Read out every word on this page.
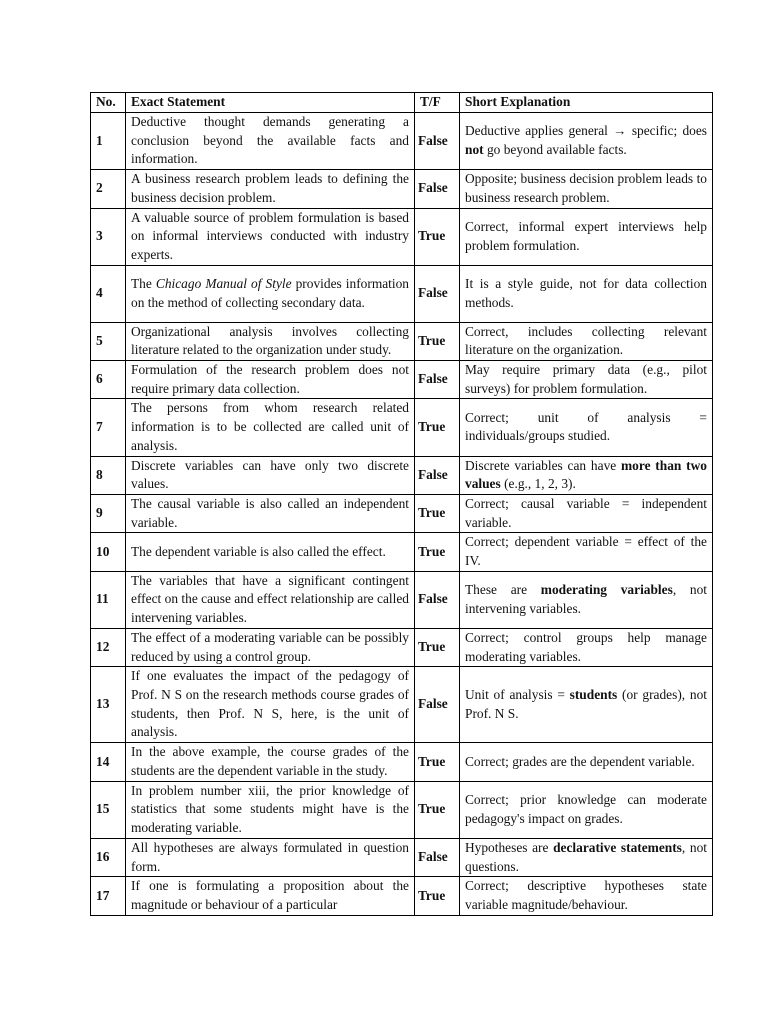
No.	Exact Statement	T/F	Short Explanation
1	Deductive thought demands generating a conclusion beyond the available facts and information.	False	Deductive applies general → specific; does not go beyond available facts.
2	A business research problem leads to defining the business decision problem.	False	Opposite; business decision problem leads to business research problem.
3	A valuable source of problem formulation is based on informal interviews conducted with industry experts.	True	Correct, informal expert interviews help problem formulation.
4	The Chicago Manual of Style provides information on the method of collecting secondary data.	False	It is a style guide, not for data collection methods.
5	Organizational analysis involves collecting literature related to the organization under study.	True	Correct, includes collecting relevant literature on the organization.
6	Formulation of the research problem does not require primary data collection.	False	May require primary data (e.g., pilot surveys) for problem formulation.
7	The persons from whom research related information is to be collected are called unit of analysis.	True	Correct; unit of analysis = individuals/groups studied.
8	Discrete variables can have only two discrete values.	False	Discrete variables can have more than two values (e.g., 1, 2, 3).
9	The causal variable is also called an independent variable.	True	Correct; causal variable = independent variable.
10	The dependent variable is also called the effect.	True	Correct; dependent variable = effect of the IV.
11	The variables that have a significant contingent effect on the cause and effect relationship are called intervening variables.	False	These are moderating variables, not intervening variables.
12	The effect of a moderating variable can be possibly reduced by using a control group.	True	Correct; control groups help manage moderating variables.
13	If one evaluates the impact of the pedagogy of Prof. N S on the research methods course grades of students, then Prof. N S, here, is the unit of analysis.	False	Unit of analysis = students (or grades), not Prof. N S.
14	In the above example, the course grades of the students are the dependent variable in the study.	True	Correct; grades are the dependent variable.
15	In problem number xiii, the prior knowledge of statistics that some students might have is the moderating variable.	True	Correct; prior knowledge can moderate pedagogy's impact on grades.
16	All hypotheses are always formulated in question form.	False	Hypotheses are declarative statements, not questions.
17	If one is formulating a proposition about the magnitude or behaviour of a particular	True	Correct; descriptive hypotheses state variable magnitude/behaviour.
